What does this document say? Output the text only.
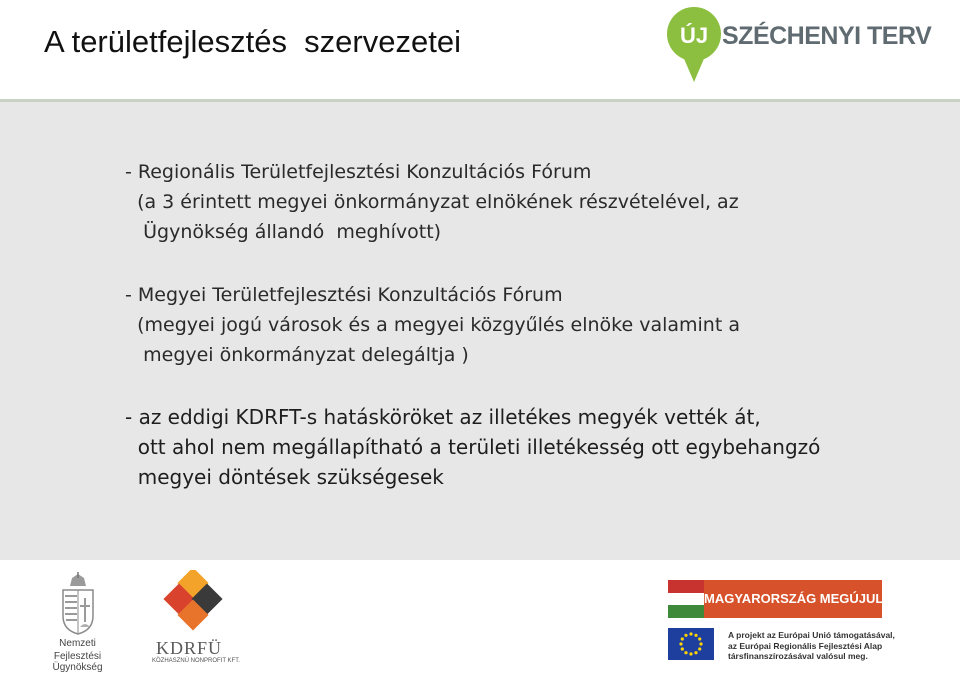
A területfejlesztés  szervezetei	ÚJ SZÉCHENYI TERV
- Regionális Területfejlesztési Konzultációs Fórum
(a 3 érintett megyei önkormányzat elnökének részvételével, az
Ügynökség állandó  meghívott)
- Megyei Területfejlesztési Konzultációs Fórum
(megyei jogú városok és a megyei közgyűlés elnöke valamint a
megyei önkormányzat delegáltja )
- az eddigi KDRFT-s hatásköröket az illetékes megyék vették át,
ott ahol nem megállapítható a területi illetékesség ott egybehangzó
megyei döntések szükségesek
Nemzeti
Fejlesztési Ügynökség
KDRFÜ
KÖZHASZNÚ NONPROFIT KFT.
MAGYARORSZÁG MEGÚJUL
A projekt az Európai Unió támogatásával,
az Európai Regionális Fejlesztési Alap
társfinanszírozásával valósul meg.
